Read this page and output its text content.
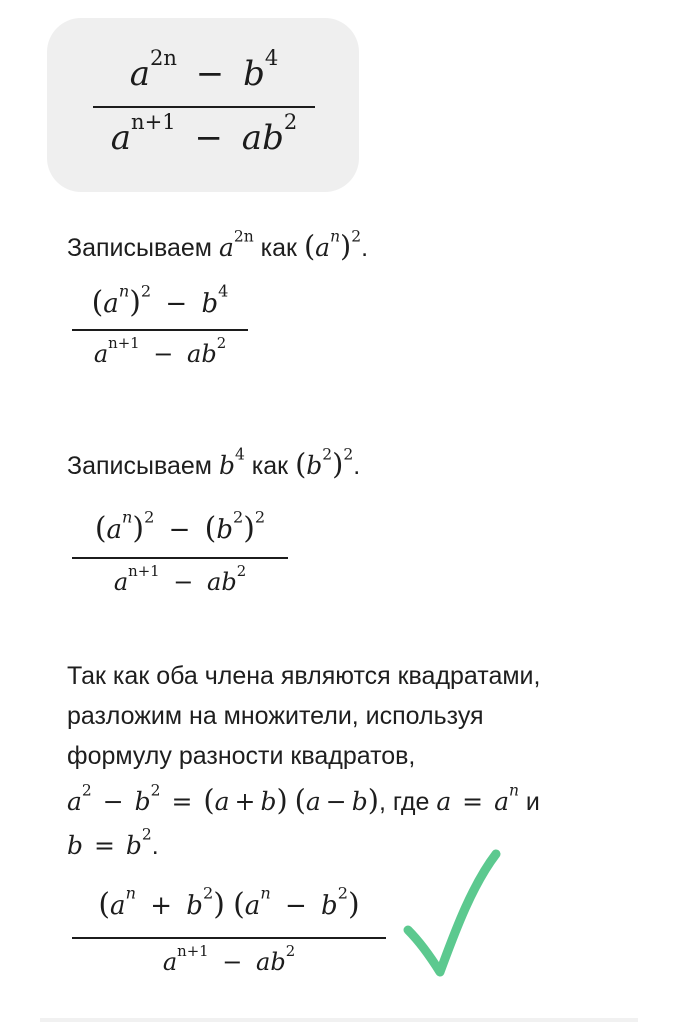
$a^{2n} - b^4$
$a^{n+1} - ab^2$
Записываем $a^{2n}$ как $(a^n)^2$.
$(a^n)^2 - b^4$
$a^{n+1} - ab^2$
Записываем $b^4$ как $(b^2)^2$.
$(a^n)^2 - (b^2)^2$
$a^{n+1} - ab^2$
Так как оба члена являются квадратами,
разложим на множители, используя
формулу разности квадратов,
$a^2 - b^2 = (a + b) (a - b)$, где $a = a^n$ и
$b = b^2$.
$(a^n + b^2) (a^n - b^2)$
$a^{n+1} - ab^2$
